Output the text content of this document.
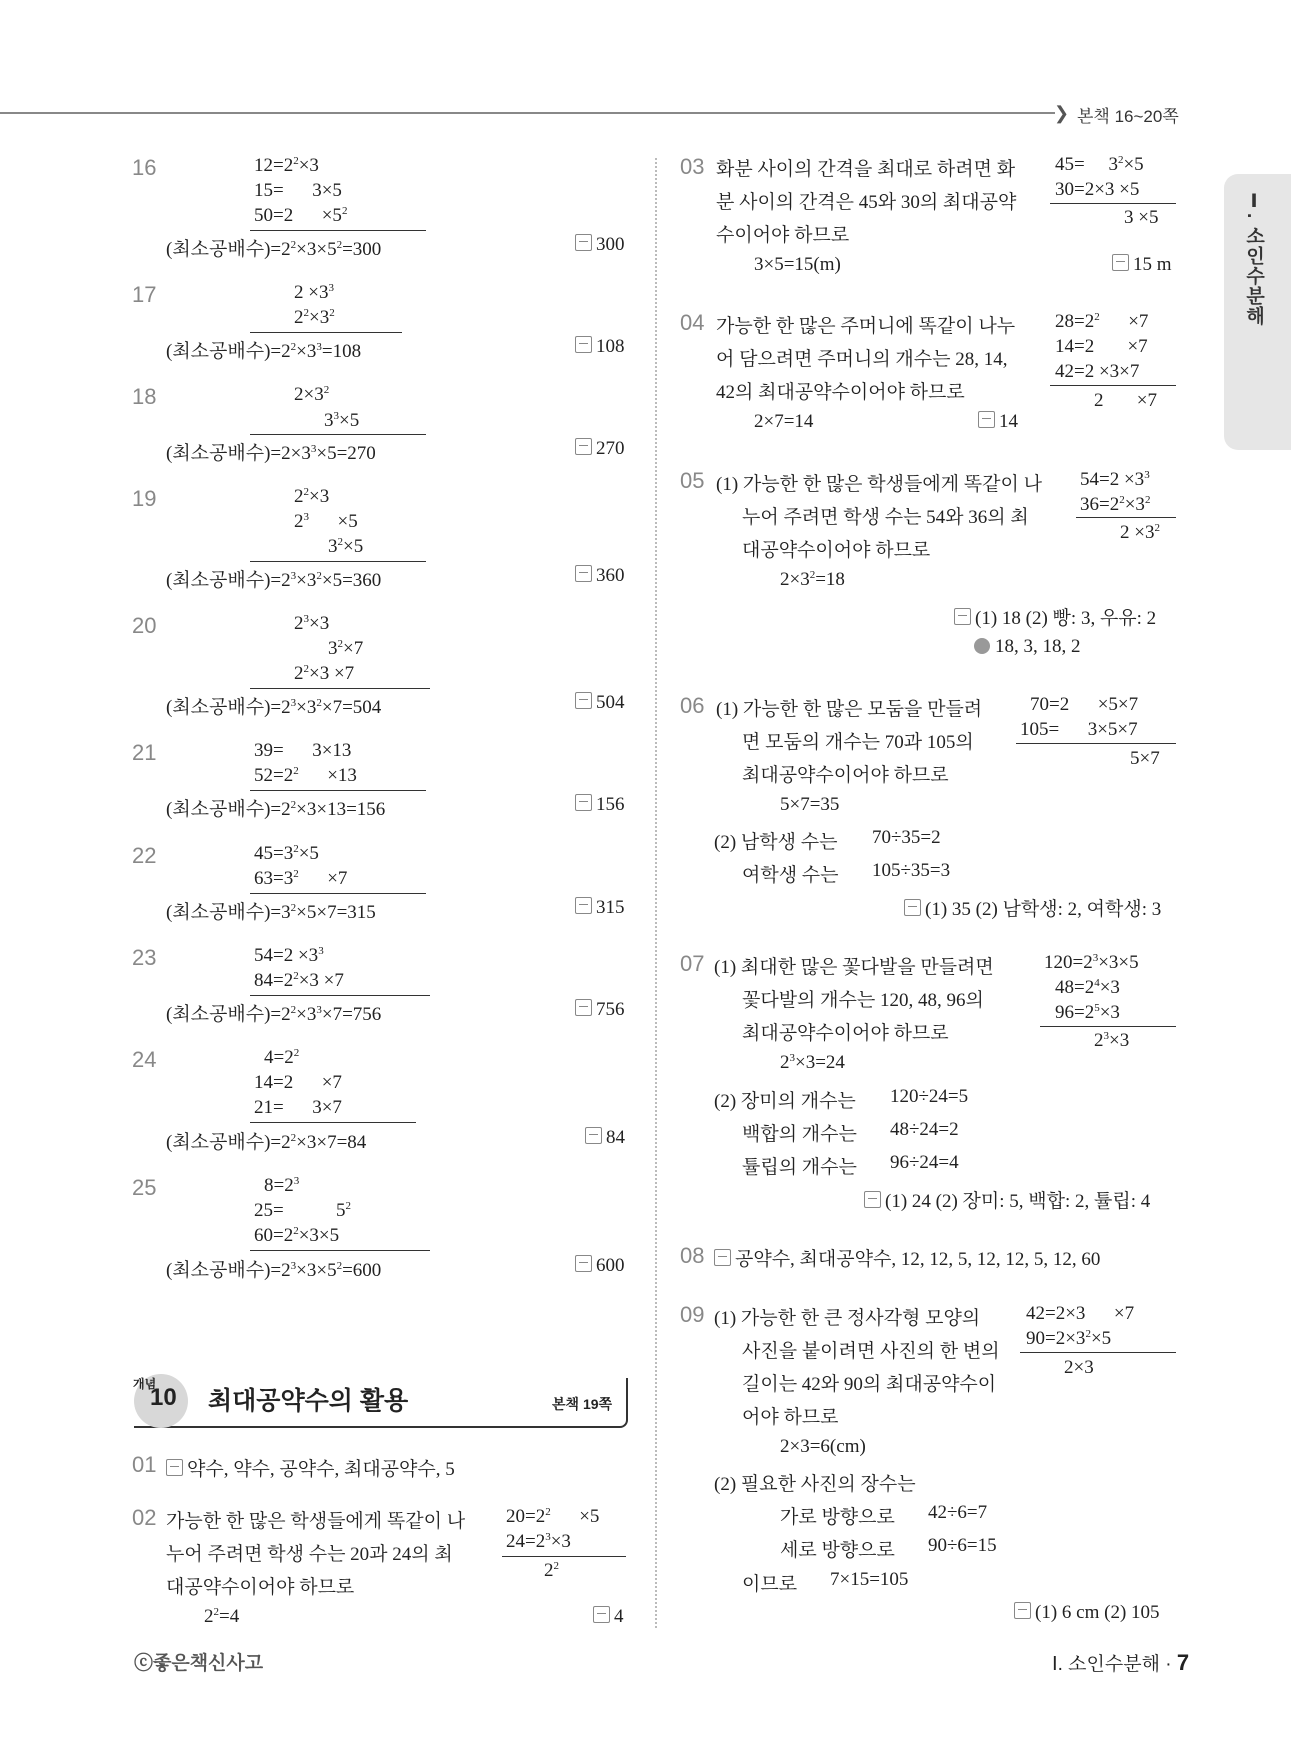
❯ 본책 16~20쪽
Ⅰ. 소인수분해
16	$12=2^2\times 3$
15=      3×5
50=2      $\times 5^2$
(최소공배수)$=2^2\times 3\times 5^2=300$	300
17	$2 \times 3^3$
$2^2\times 3^2$
(최소공배수)$=2^2\times 3^3=108$	108
18	$2\times 3^2$
$3^3\times 5$
(최소공배수)$=2\times 3^3\times 5=270$	270
19	$2^2\times 3$
$2^3$      ×5
$3^2\times 5$
(최소공배수)$=2^3\times 3^2\times 5=360$	360
20	$2^3\times 3$
$3^2\times 7$
$2^2\times 3 \times 7$
(최소공배수)$=2^3\times 3^2\times 7=504$	504
21	39=      3×13
$52=2^2$      ×13
(최소공배수)$=2^2\times 3\times 13=156$	156
22	$45=3^2\times 5$
$63=3^2$      ×7
(최소공배수)$=3^2\times 5\times 7=315$	315
23	$54=2 \times 3^3$
$84=2^2\times 3 \times 7$
(최소공배수)$=2^2\times 3^3\times 7=756$	756
24	$4=2^2$
14=2      ×7
21=      3×7
(최소공배수)$=2^2\times 3\times 7=84$	84
25	$8=2^3$
25=           $5^2$
$60=2^2\times 3\times 5$
(최소공배수)$=2^3\times 3\times 5^2=600$	600
개념
10 최대공약수의 활용	본책 19쪽
01	약수, 약수, 공약수, 최대공약수, 5
02 가능한 한 많은 학생들에게 똑같이 나
누어 주려면 학생 수는 20과 24의 최
대공약수이어야 하므로
$2^2=4$
$20=2^2$      ×5
$24=2^3\times 3$
$2^2$
4
03 화분 사이의 간격을 최대로 하려면 화
분 사이의 간격은 45와 30의 최대공약
수이어야 하므로
3×5=15(m)
45=     $3^2\times 5$
30=2×3 ×5
3 ×5
15 m
04 가능한 한 많은 주머니에 똑같이 나누
어 담으려면 주머니의 개수는 28, 14,
42의 최대공약수이어야 하므로
2×7=14
$28=2^2$      ×7
14=2       ×7
42=2 ×3×7
2       ×7
14
05 (1) 가능한 한 많은 학생들에게 똑같이 나
누어 주려면 학생 수는 54와 36의 최
대공약수이어야 하므로
$2\times 3^2=18$
$54=2 \times 3^3$
$36=2^2\times 3^2$
$2 \times 3^2$
(1) 18 (2) 빵: 3, 우유: 2
18, 3, 18, 2
06 (1) 가능한 한 많은 모둠을 만들려
면 모둠의 개수는 70과 105의
최대공약수이어야 하므로
5×7=35
70=2      ×5×7
105=      3×5×7
5×7
(2) 남학생 수는 70÷35=2
여학생 수는 105÷35=3
(1) 35 (2) 남학생: 2, 여학생: 3
07 (1) 최대한 많은 꽃다발을 만들려면
꽃다발의 개수는 120, 48, 96의
최대공약수이어야 하므로
$2^3\times 3=24$
$120=2^3\times 3\times 5$
$48=2^4\times 3$
$96=2^5\times 3$
$2^3\times 3$
(2) 장미의 개수는 120÷24=5
백합의 개수는 48÷24=2
튤립의 개수는 96÷24=4
(1) 24 (2) 장미: 5, 백합: 2, 튤립: 4
08	공약수, 최대공약수, 12, 12, 5, 12, 12, 5, 12, 60
09 (1) 가능한 한 큰 정사각형 모양의
사진을 붙이려면 사진의 한 변의
길이는 42와 90의 최대공약수이
어야 하므로
2×3=6(cm)
42=2×3      ×7
$90=2\times 3^2\times 5$
2×3
(2) 필요한 사진의 장수는
가로 방향으로 42÷6=7
세로 방향으로 90÷6=15
이므로 7×15=105
(1) 6 cm (2) 105
ⓒ좋은책신사고	Ⅰ. 소인수분해 · 7
